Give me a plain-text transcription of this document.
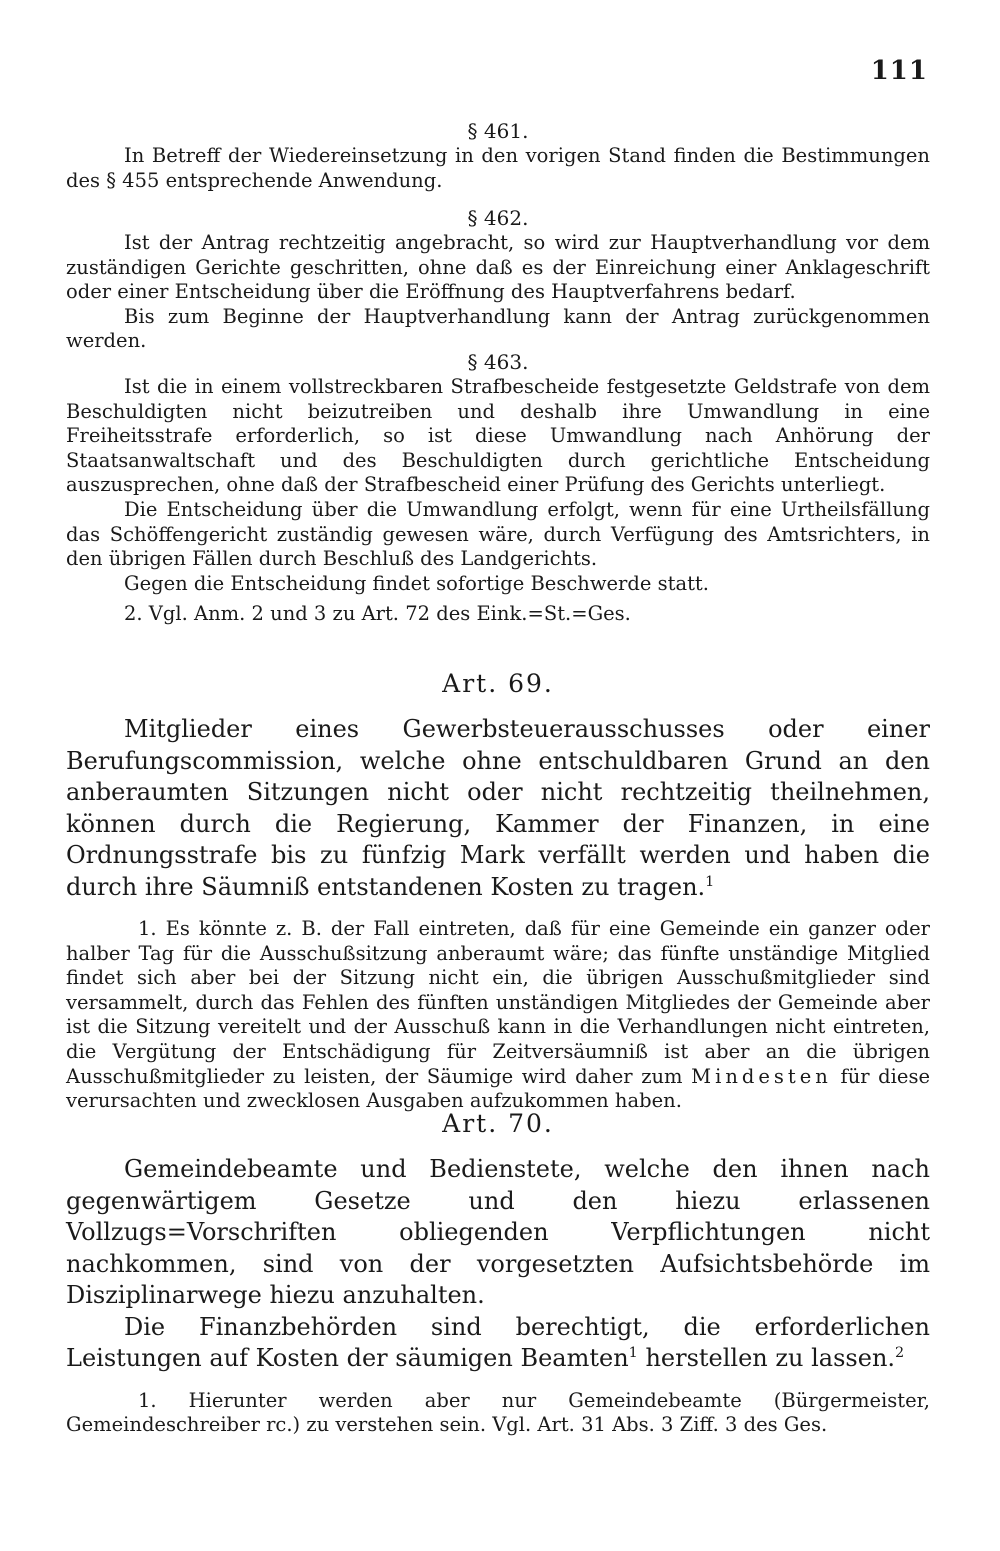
111

§ 461.

In Betreff der Wiedereinsetzung in den vorigen Stand finden die Bestimmungen des § 455 entsprechende Anwendung.

§ 462.

Ist der Antrag rechtzeitig angebracht, so wird zur Hauptverhandlung vor dem zuständigen Gerichte geschritten, ohne daß es der Einreichung einer Anklageschrift oder einer Entscheidung über die Eröffnung des Hauptverfahrens bedarf.

Bis zum Beginne der Hauptverhandlung kann der Antrag zurückgenommen werden.

§ 463.

Ist die in einem vollstreckbaren Strafbescheide festgesetzte Geldstrafe von dem Beschuldigten nicht beizutreiben und deshalb ihre Umwandlung in eine Freiheitsstrafe erforderlich, so ist diese Umwandlung nach Anhörung der Staatsanwaltschaft und des Beschuldigten durch gerichtliche Entscheidung auszusprechen, ohne daß der Strafbescheid einer Prüfung des Gerichts unterliegt.

Die Entscheidung über die Umwandlung erfolgt, wenn für eine Urtheilsfällung das Schöffengericht zuständig gewesen wäre, durch Verfügung des Amtsrichters, in den übrigen Fällen durch Beschluß des Landgerichts.

Gegen die Entscheidung findet sofortige Beschwerde statt.

2. Vgl. Anm. 2 und 3 zu Art. 72 des Eink.=St.=Ges.

Art. 69.

Mitglieder eines Gewerbsteuerausschusses oder einer Berufungscommission, welche ohne entschuldbaren Grund an den anberaumten Sitzungen nicht oder nicht rechtzeitig theilnehmen, können durch die Regierung, Kammer der Finanzen, in eine Ordnungsstrafe bis zu fünfzig Mark verfällt werden und haben die durch ihre Säumniß entstandenen Kosten zu tragen.$^1$

1. Es könnte z. B. der Fall eintreten, daß für eine Gemeinde ein ganzer oder halber Tag für die Ausschußsitzung anberaumt wäre; das fünfte unständige Mitglied findet sich aber bei der Sitzung nicht ein, die übrigen Ausschußmitglieder sind versammelt, durch das Fehlen des fünften unständigen Mitgliedes der Gemeinde aber ist die Sitzung vereitelt und der Ausschuß kann in die Verhandlungen nicht eintreten, die Vergütung der Entschädigung für Zeitversäumniß ist aber an die übrigen Ausschußmitglieder zu leisten, der Säumige wird daher zum Mindesten für diese verursachten und zwecklosen Ausgaben aufzukommen haben.

Art. 70.

Gemeindebeamte und Bedienstete, welche den ihnen nach gegenwärtigem Gesetze und den hiezu erlassenen Vollzugs=Vorschriften obliegenden Verpflichtungen nicht nachkommen, sind von der vorgesetzten Aufsichtsbehörde im Disziplinarwege hiezu anzuhalten.

Die Finanzbehörden sind berechtigt, die erforderlichen Leistungen auf Kosten der säumigen Beamten$^1$ herstellen zu lassen.$^2$

1. Hierunter werden aber nur Gemeindebeamte (Bürgermeister, Gemeindeschreiber rc.) zu verstehen sein. Vgl. Art. 31 Abs. 3 Ziff. 3 des Ges.
